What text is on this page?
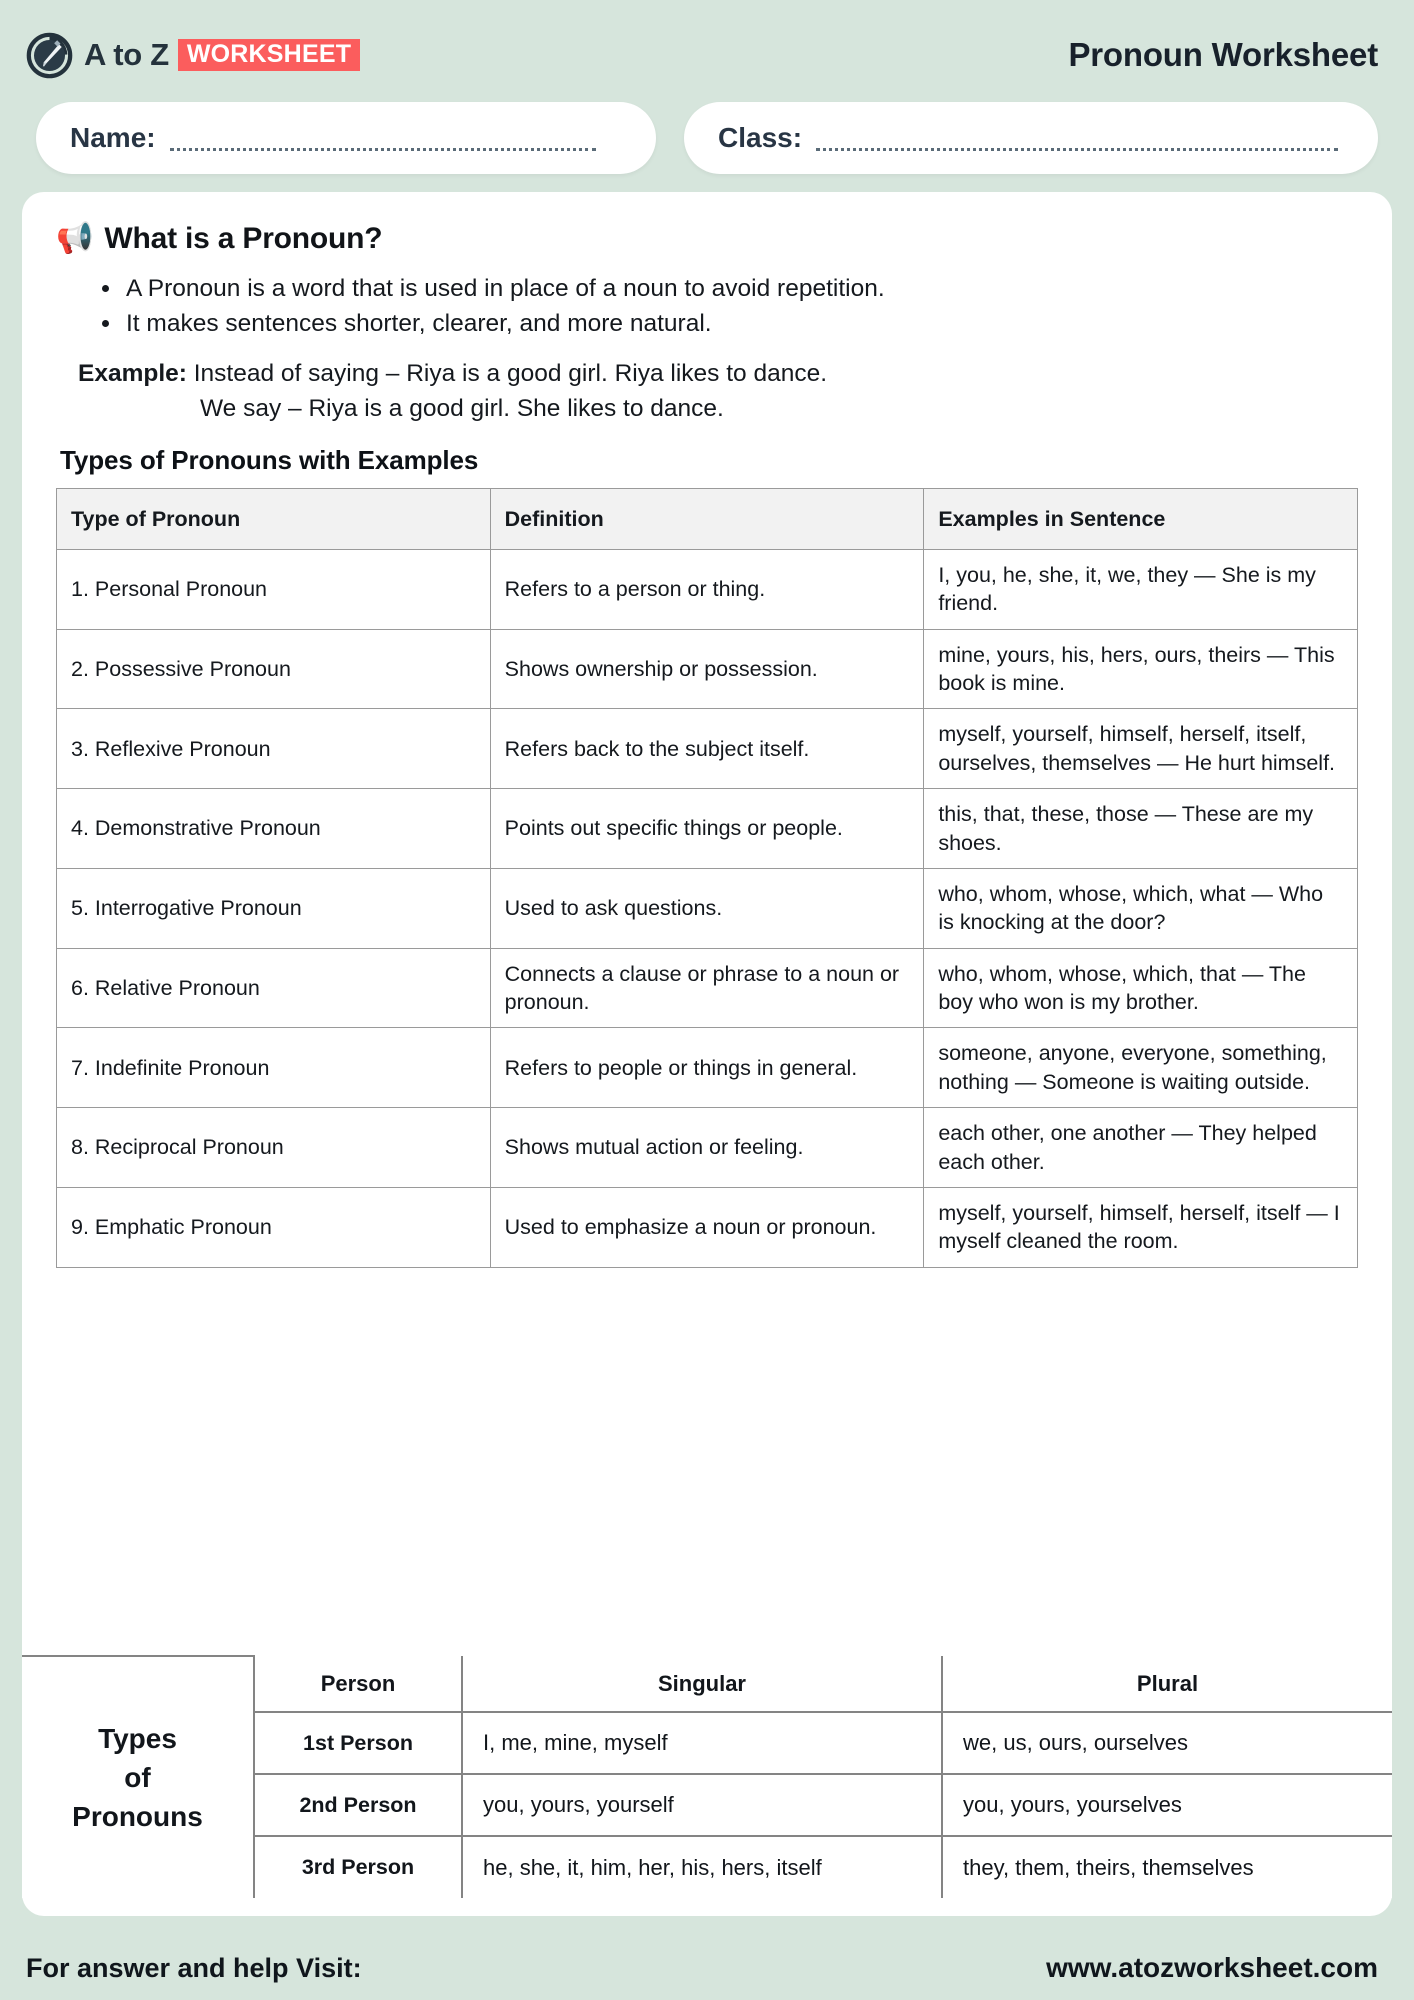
A to Z WORKSHEET	Pronoun Worksheet
Name:	Class:
📢 What is a Pronoun?
A Pronoun is a word that is used in place of a noun to avoid repetition.
It makes sentences shorter, clearer, and more natural.
Example: Instead of saying – Riya is a good girl. Riya likes to dance.
We say – Riya is a good girl. She likes to dance.
Types of Pronouns with Examples
Type of Pronoun	Definition	Examples in Sentence
1. Personal Pronoun	Refers to a person or thing.	I, you, he, she, it, we, they — She is my friend.
2. Possessive Pronoun	Shows ownership or possession.	mine, yours, his, hers, ours, theirs — This book is mine.
3. Reflexive Pronoun	Refers back to the subject itself.	myself, yourself, himself, herself, itself, ourselves, themselves — He hurt himself.
4. Demonstrative Pronoun	Points out specific things or people.	this, that, these, those — These are my shoes.
5. Interrogative Pronoun	Used to ask questions.	who, whom, whose, which, what — Who is knocking at the door?
6. Relative Pronoun	Connects a clause or phrase to a noun or pronoun.	who, whom, whose, which, that — The boy who won is my brother.
7. Indefinite Pronoun	Refers to people or things in general.	someone, anyone, everyone, something, nothing — Someone is waiting outside.
8. Reciprocal Pronoun	Shows mutual action or feeling.	each other, one another — They helped each other.
9. Emphatic Pronoun	Used to emphasize a noun or pronoun.	myself, yourself, himself, herself, itself — I myself cleaned the room.
Types
of
Pronouns	Person	Singular	Plural
	1st Person	I, me, mine, myself	we, us, ours, ourselves
	2nd Person	you, yours, yourself	you, yours, yourselves
	3rd Person	he, she, it, him, her, his, hers, itself	they, them, theirs, themselves
For answer and help Visit:	www.atozworksheet.com
